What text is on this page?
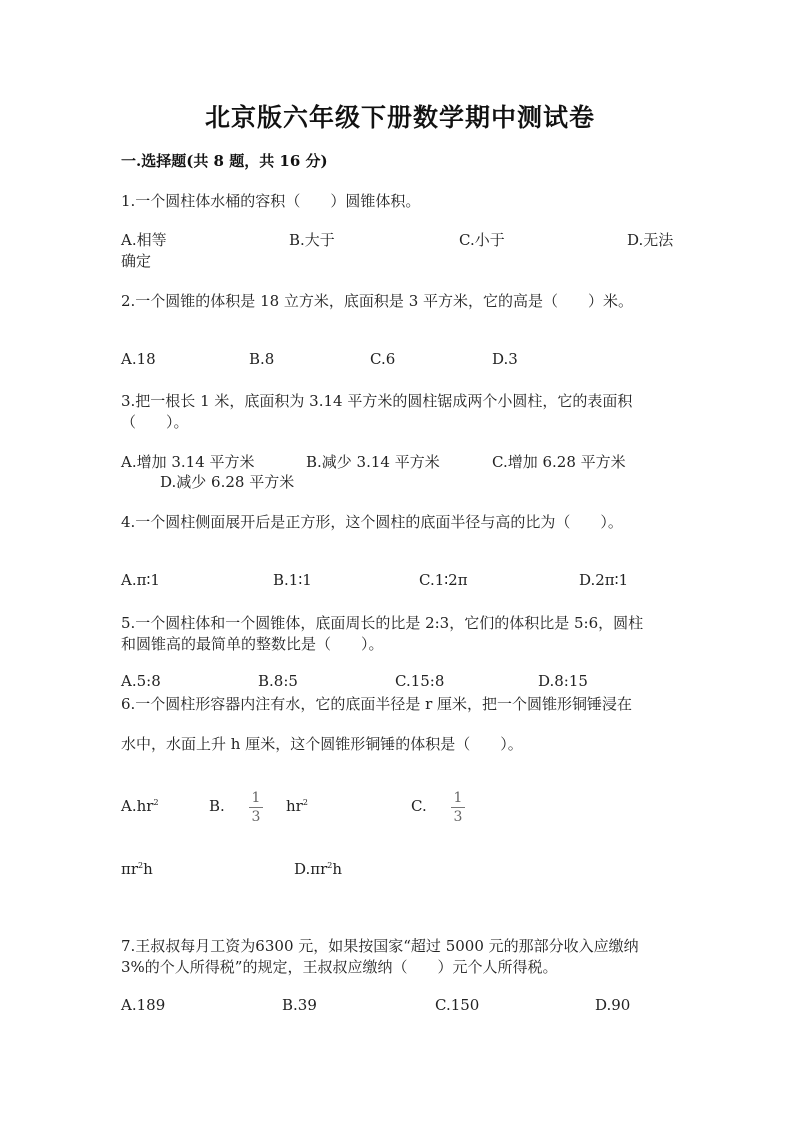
北京版六年级下册数学期中测试卷
一.选择题(共 8 题，共 16 分)
1.一个圆柱体水桶的容积（　　）圆锥体积。
A.相等	B.大于	C.小于	D.无法
确定
2.一个圆锥的体积是 18 立方米，底面积是 3 平方米，它的高是（　　）米。
A.18	B.8	C.6	D.3
3.把一根长 1 米，底面积为 3.14 平方米的圆柱锯成两个小圆柱，它的表面积
（　　）。
A.增加 3.14 平方米	B.减少 3.14 平方米	C.增加 6.28 平方米
D.减少 6.28 平方米
4.一个圆柱侧面展开后是正方形，这个圆柱的底面半径与高的比为（　　）。
A.π∶1	B.1∶1	C.1∶2π	D.2π∶1
5.一个圆柱体和一个圆锥体，底面周长的比是 2:3，它们的体积比是 5:6，圆柱
和圆锥高的最简单的整数比是（　　）。
A.5:8	B.8:5	C.15:8	D.8:15
6.一个圆柱形容器内注有水，它的底面半径是 r 厘米，把一个圆锥形铜锤浸在
水中，水面上升 h 厘米，这个圆锥形铜锤的体积是（　　）。
$A.hr^2$	B. 1
3
$hr^2$	C. 1
3
$\pi r^2h$	$D.\pi r^2h$
7.王叔叔每月工资为6300 元，如果按国家“超过 5000 元的那部分收入应缴纳
3%的个人所得税”的规定，王叔叔应缴纳（　　）元个人所得税。
A.189	B.39	C.150	D.90
